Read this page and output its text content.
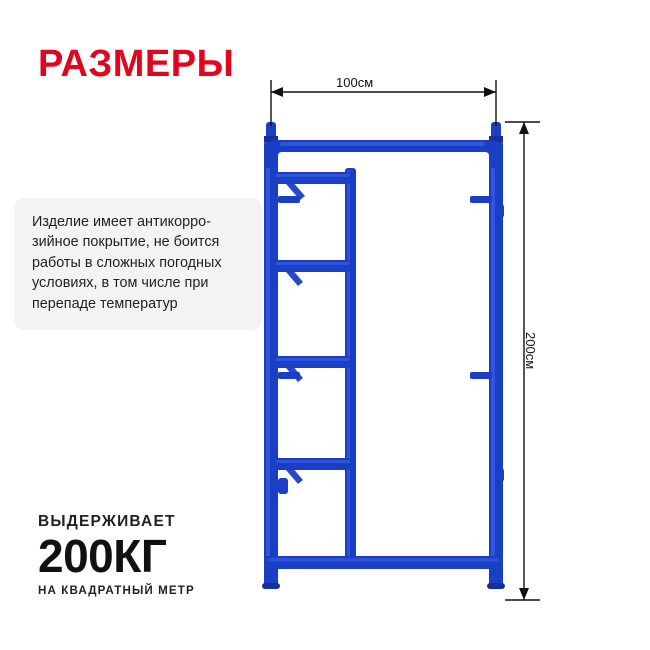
РАЗМЕРЫ	100см
200см

Изделие имеет антикорро-зийное покрытие, не боится работы в сложных погодных условиях, в том числе при перепаде температур

ВЫДЕРЖИВАЕТ
200КГ
НА КВАДРАТНЫЙ МЕТР
